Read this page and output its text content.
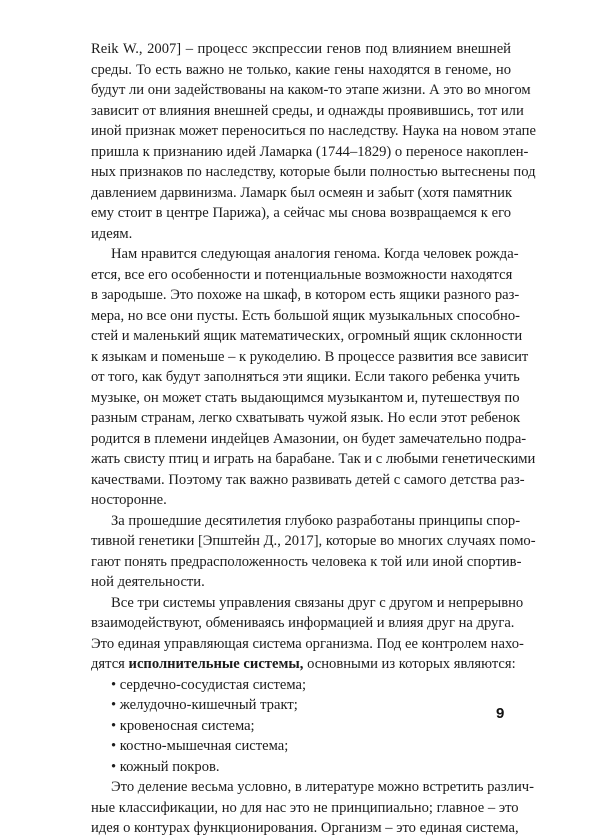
Reik W., 2007] – процесс экспрессии генов под влиянием внешней
среды. То есть важно не только, какие гены находятся в геноме, но
будут ли они задействованы на каком-то этапе жизни. А это во многом
зависит от влияния внешней среды, и однажды проявившись, тот или
иной признак может переноситься по наследству. Наука на новом этапе
пришла к признанию идей Ламарка (1744–1829) о переносе накоплен-
ных признаков по наследству, которые были полностью вытеснены под
давлением дарвинизма. Ламарк был осмеян и забыт (хотя памятник
ему стоит в центре Парижа), а сейчас мы снова возвращаемся к его
идеям.
Нам нравится следующая аналогия генома. Когда человек рожда-
ется, все его особенности и потенциальные возможности находятся
в зародыше. Это похоже на шкаф, в котором есть ящики разного раз-
мера, но все они пусты. Есть большой ящик музыкальных способно-
стей и маленький ящик математических, огромный ящик склонности
к языкам и поменьше – к рукоделию. В процессе развития все зависит
от того, как будут заполняться эти ящики. Если такого ребенка учить
музыке, он может стать выдающимся музыкантом и, путешествуя по
разным странам, легко схватывать чужой язык. Но если этот ребенок
родится в племени индейцев Амазонии, он будет замечательно подра-
жать свисту птиц и играть на барабане. Так и с любыми генетическими
качествами. Поэтому так важно развивать детей с самого детства раз-
носторонне.
За прошедшие десятилетия глубоко разработаны принципы спор-
тивной генетики [Эпштейн Д., 2017], которые во многих случаях помо-
гают понять предрасположенность человека к той или иной спортив-
ной деятельности.
Все три системы управления связаны друг с другом и непрерывно
взаимодействуют, обмениваясь информацией и влияя друг на друга.
Это единая управляющая система организма. Под ее контролем нахо-
дятся исполнительные системы, основными из которых являются:
• сердечно-сосудистая система;
• желудочно-кишечный тракт;
• кровеносная система;
• костно-мышечная система;
• кожный покров.
Это деление весьма условно, в литературе можно встретить различ-
ные классификации, но для нас это не принципиально; главное – это
идея о контурах функционирования. Организм – это единая система,
9
